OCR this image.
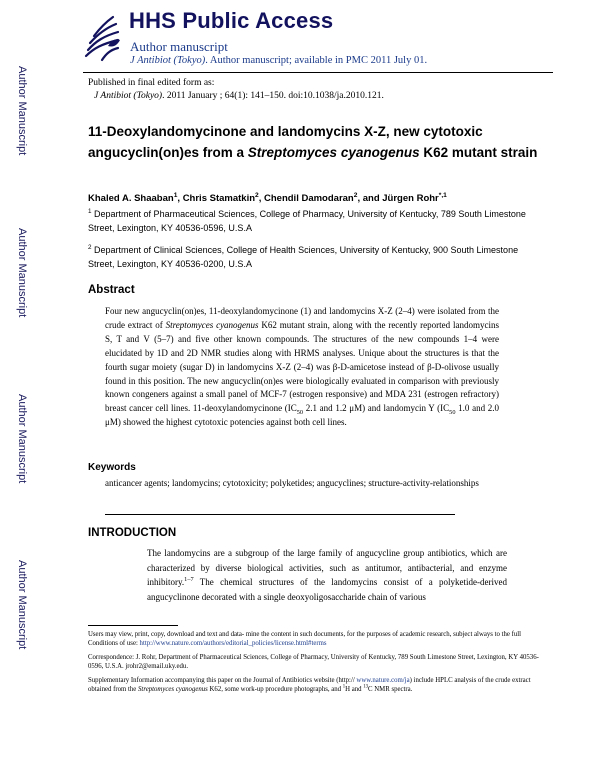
Author Manuscript
Author Manuscript
Author Manuscript
Author Manuscript
HHS Public Access
Author manuscript
J Antibiot (Tokyo). Author manuscript; available in PMC 2011 July 01.
Published in final edited form as:
J Antibiot (Tokyo). 2011 January ; 64(1): 141–150. doi:10.1038/ja.2010.121.
11-Deoxylandomycinone and landomycins X-Z, new cytotoxic angucyclin(on)es from a Streptomyces cyanogenus K62 mutant strain
Khaled A. Shaaban$^1$, Chris Stamatkin$^2$, Chendil Damodaran$^2$, and Jürgen Rohr$^{*,1}$
$^1$ Department of Pharmaceutical Sciences, College of Pharmacy, University of Kentucky, 789 South Limestone Street, Lexington, KY 40536-0596, U.S.A
$^2$ Department of Clinical Sciences, College of Health Sciences, University of Kentucky, 900 South Limestone Street, Lexington, KY 40536-0200, U.S.A
Abstract
Four new angucyclin(on)es, 11-deoxylandomycinone (1) and landomycins X-Z (2–4) were isolated from the crude extract of Streptomyces cyanogenus K62 mutant strain, along with the recently reported landomycins S, T and V (5–7) and five other known compounds. The structures of the new compounds 1–4 were elucidated by 1D and 2D NMR studies along with HRMS analyses. Unique about the structures is that the fourth sugar moiety (sugar D) in landomycins X-Z (2–4) was β-D-amicetose instead of β-D-olivose usually found in this position. The new angucyclin(on)es were biologically evaluated in comparison with previously known congeners against a small panel of MCF-7 (estrogen responsive) and MDA 231 (estrogen refractory) breast cancer cell lines. 11-deoxylandomycinone ($IC_{50}$ 2.1 and 1.2 μM) and landomycin Y ($IC_{50}$ 1.0 and 2.0 μM) showed the highest cytotoxic potencies against both cell lines.
Keywords
anticancer agents; landomycins; cytotoxicity; polyketides; angucyclines; structure-activity-relationships
INTRODUCTION
The landomycins are a subgroup of the large family of angucycline group antibiotics, which are characterized by diverse biological activities, such as antitumor, antibacterial, and enzyme inhibitory.$^{1-7}$ The chemical structures of the landomycins consist of a polyketide-derived angucyclinone decorated with a single deoxyoligosaccharide chain of various

Users may view, print, copy, download and text and data- mine the content in such documents, for the purposes of academic research, subject always to the full Conditions of use: http://www.nature.com/authors/editorial_policies/license.html#terms

Correspondence: J. Rohr, Department of Pharmaceutical Sciences, College of Pharmacy, University of Kentucky, 789 South Limestone Street, Lexington, KY 40536-0596, U.S.A. jrohr2@email.uky.edu.

Supplementary Information accompanying this paper on the Journal of Antibiotics website (http:// www.nature.com/ja) include HPLC analysis of the crude extract obtained from the Streptomyces cyanogenus K62, some work-up procedure photographs, and $^1$H and $^{13}$C NMR spectra.
